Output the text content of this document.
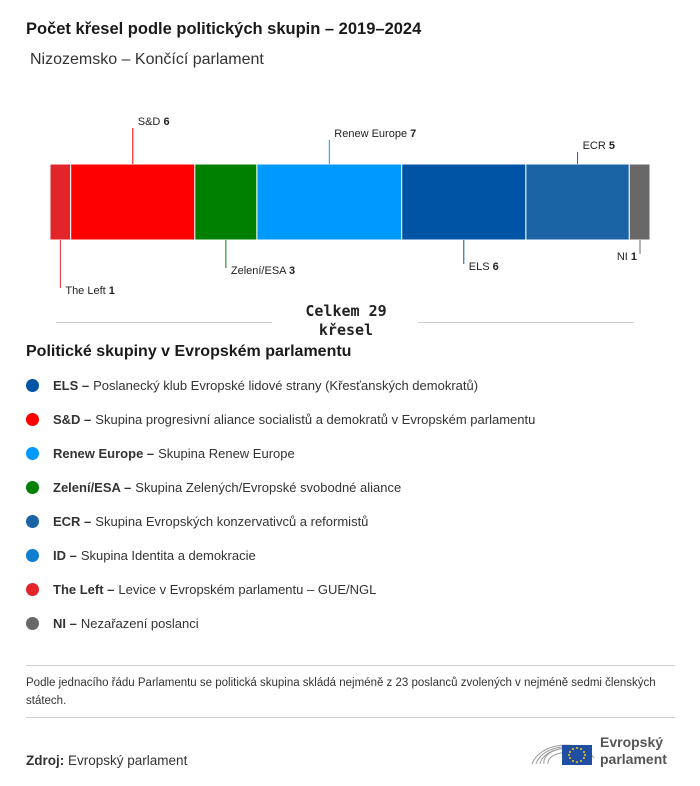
Počet křesel podle politických skupin – 2019–2024
Nizozemsko – Končící parlament
The Left 1
S&D 6
Zelení/ESA 3
Renew Europe 7
ELS 6
ECR 5
NI 1
Celkem 29
křesel
Politické skupiny v Evropském parlamentu
ELS – Poslanecký klub Evropské lidové strany (Křesťanských demokratů)
S&D – Skupina progresivní aliance socialistů a demokratů v Evropském parlamentu
Renew Europe – Skupina Renew Europe
Zelení/ESA – Skupina Zelených/Evropské svobodné aliance
ECR – Skupina Evropských konzervativců a reformistů
ID – Skupina Identita a demokracie
The Left – Levice v Evropském parlamentu – GUE/NGL
NI – Nezařazení poslanci
Podle jednacího řádu Parlamentu se politická skupina skládá nejméně z 23 poslanců zvolených v nejméně sedmi členských státech.
Zdroj: Evropský parlament
Evropský
parlament
